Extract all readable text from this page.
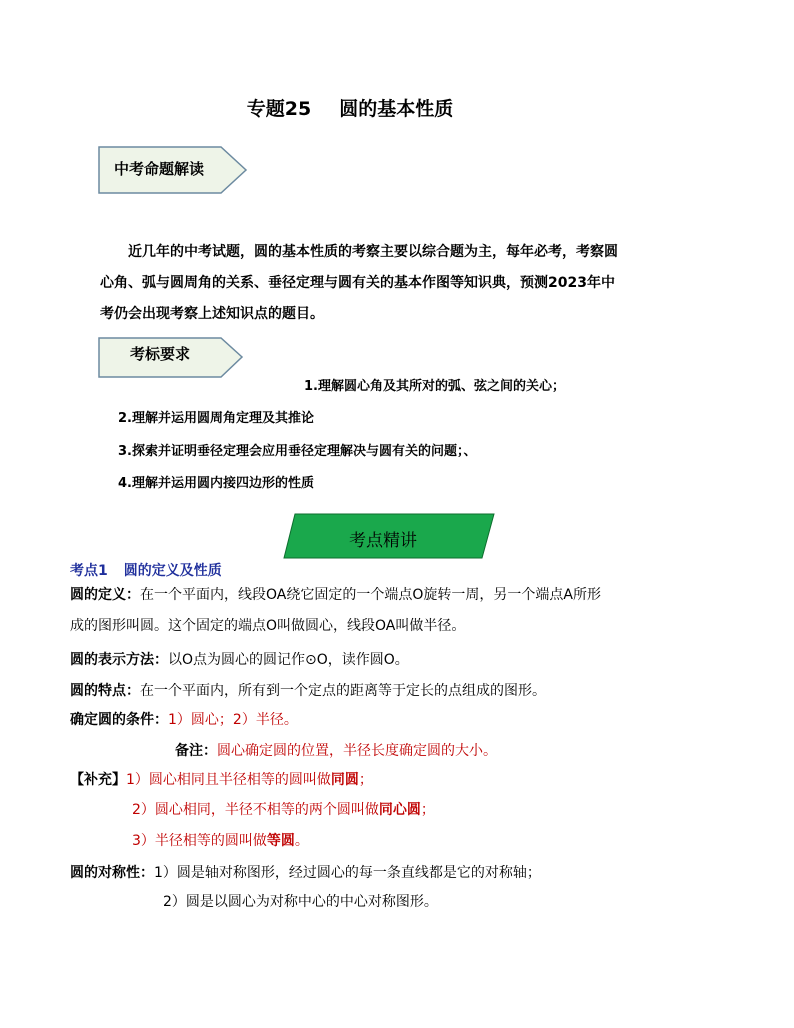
专题25 圆的基本性质
中考命题解读
近几年的中考试题，圆的基本性质的考察主要以综合题为主，每年必考，考察圆
心角、弧与圆周角的关系、垂径定理与圆有关的基本作图等知识典，预测2023年中
考仍会出现考察上述知识点的题目。
考标要求
1.理解圆心角及其所对的弧、弦之间的关心；
2.理解并运用圆周角定理及其推论
3.探索并证明垂径定理会应用垂径定理解决与圆有关的问题；、
4.理解并运用圆内接四边形的性质
考点精讲
考点1 圆的定义及性质
圆的定义：在一个平面内，线段OA绕它固定的一个端点O旋转一周，另一个端点A所形
成的图形叫圆。这个固定的端点O叫做圆心，线段OA叫做半径。
圆的表示方法：以O点为圆心的圆记作⊙O，读作圆O。
圆的特点：在一个平面内，所有到一个定点的距离等于定长的点组成的图形。
确定圆的条件：1）圆心；2）半径。
备注：圆心确定圆的位置，半径长度确定圆的大小。
【补充】1）圆心相同且半径相等的圆叫做同圆；
2）圆心相同，半径不相等的两个圆叫做同心圆；
3）半径相等的圆叫做等圆。
圆的对称性：1）圆是轴对称图形，经过圆心的每一条直线都是它的对称轴；
2）圆是以圆心为对称中心的中心对称图形。
